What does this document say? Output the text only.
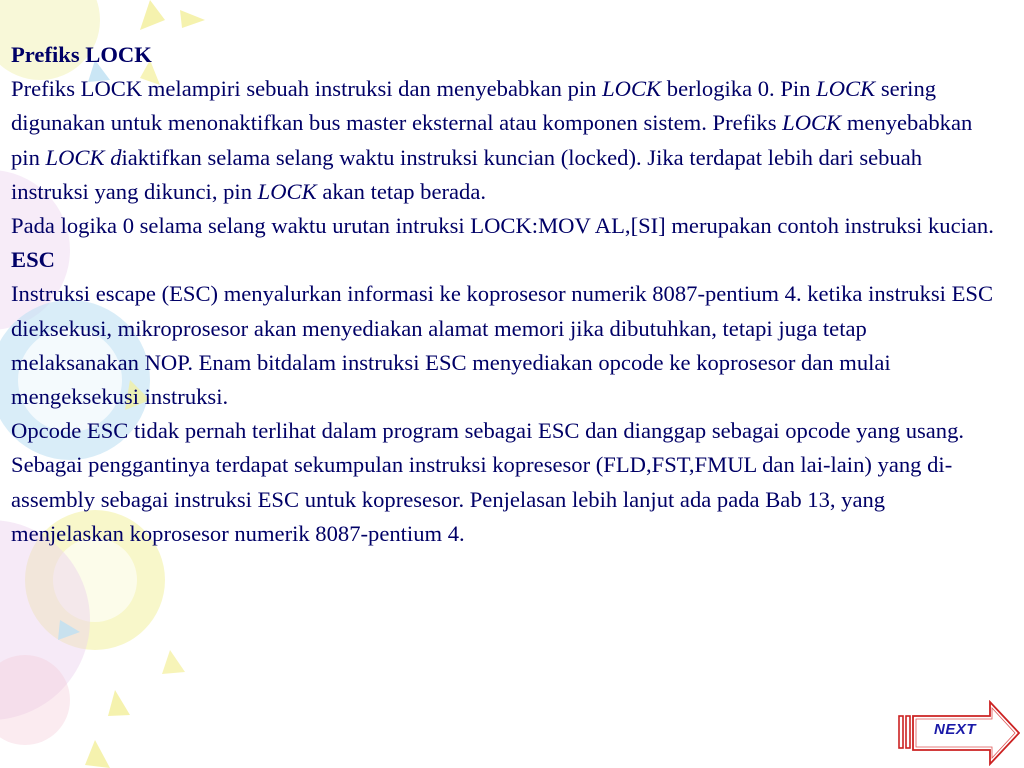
Prefiks LOCK

Prefiks LOCK melampiri sebuah instruksi dan menyebabkan pin LOCK berlogika 0. Pin LOCK sering digunakan untuk menonaktifkan bus master eksternal atau komponen sistem. Prefiks LOCK menyebabkan pin LOCK diaktifkan selama selang waktu instruksi kuncian (locked). Jika terdapat lebih dari sebuah instruksi yang dikunci, pin LOCK akan tetap berada.

Pada logika 0 selama selang waktu urutan intruksi LOCK:MOV AL,[SI] merupakan contoh instruksi kucian.

ESC

Instruksi escape (ESC) menyalurkan informasi ke koprosesor numerik 8087-pentium 4. ketika instruksi ESC dieksekusi, mikroprosesor akan menyediakan alamat memori jika dibutuhkan, tetapi juga tetap melaksanakan NOP. Enam bitdalam instruksi ESC menyediakan opcode ke koprosesor dan mulai mengeksekusi instruksi.

Opcode ESC tidak pernah terlihat dalam program sebagai ESC dan dianggap sebagai opcode yang usang. Sebagai penggantinya terdapat sekumpulan instruksi kopresesor (FLD,FST,FMUL dan lai-lain) yang di-assembly sebagai instruksi ESC untuk kopresesor. Penjelasan lebih lanjut ada pada Bab 13, yang menjelaskan koprosesor numerik 8087-pentium 4.

NEXT
